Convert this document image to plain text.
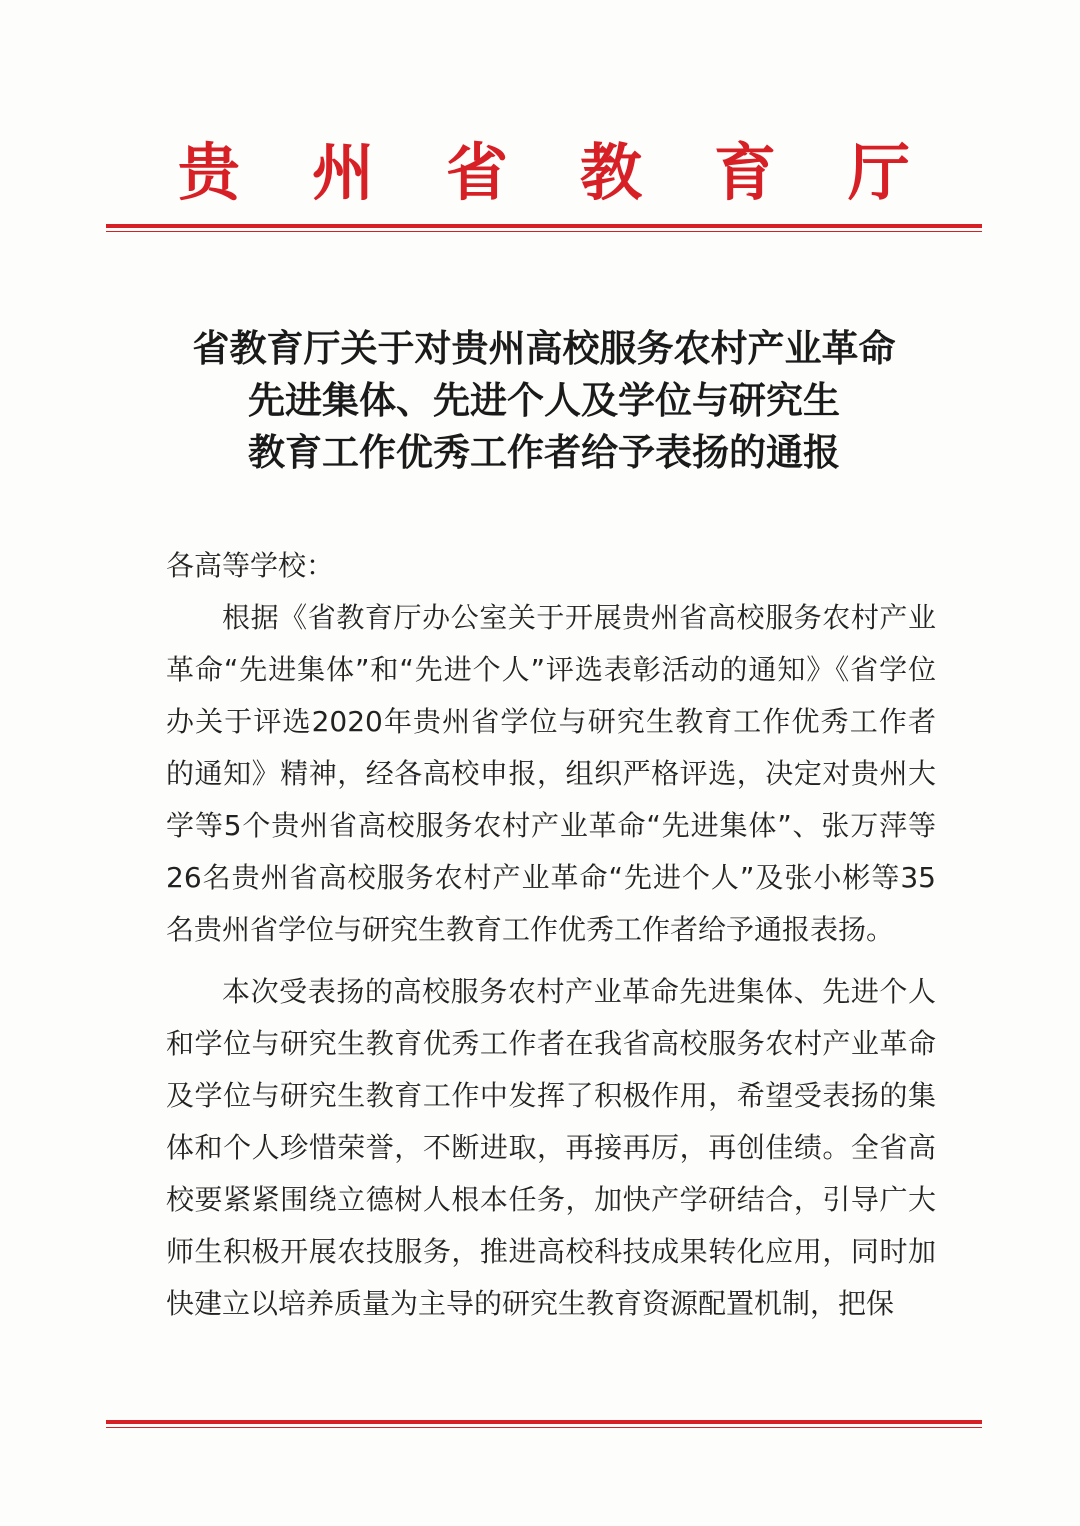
贵州省教育厅
省教育厅关于对贵州高校服务农村产业革命
先进集体、先进个人及学位与研究生
教育工作优秀工作者给予表扬的通报
各高等学校：

根据《省教育厅办公室关于开展贵州省高校服务农村产业革命“先进集体”和“先进个人”评选表彰活动的通知》《省学位办关于评选2020年贵州省学位与研究生教育工作优秀工作者的通知》精神，经各高校申报，组织严格评选，决定对贵州大学等5个贵州省高校服务农村产业革命“先进集体”、张万萍等26名贵州省高校服务农村产业革命“先进个人”及张小彬等35名贵州省学位与研究生教育工作优秀工作者给予通报表扬。

本次受表扬的高校服务农村产业革命先进集体、先进个人和学位与研究生教育优秀工作者在我省高校服务农村产业革命及学位与研究生教育工作中发挥了积极作用，希望受表扬的集体和个人珍惜荣誉，不断进取，再接再厉，再创佳绩。全省高校要紧紧围绕立德树人根本任务，加快产学研结合，引导广大师生积极开展农技服务，推进高校科技成果转化应用，同时加快建立以培养质量为主导的研究生教育资源配置机制，把保
